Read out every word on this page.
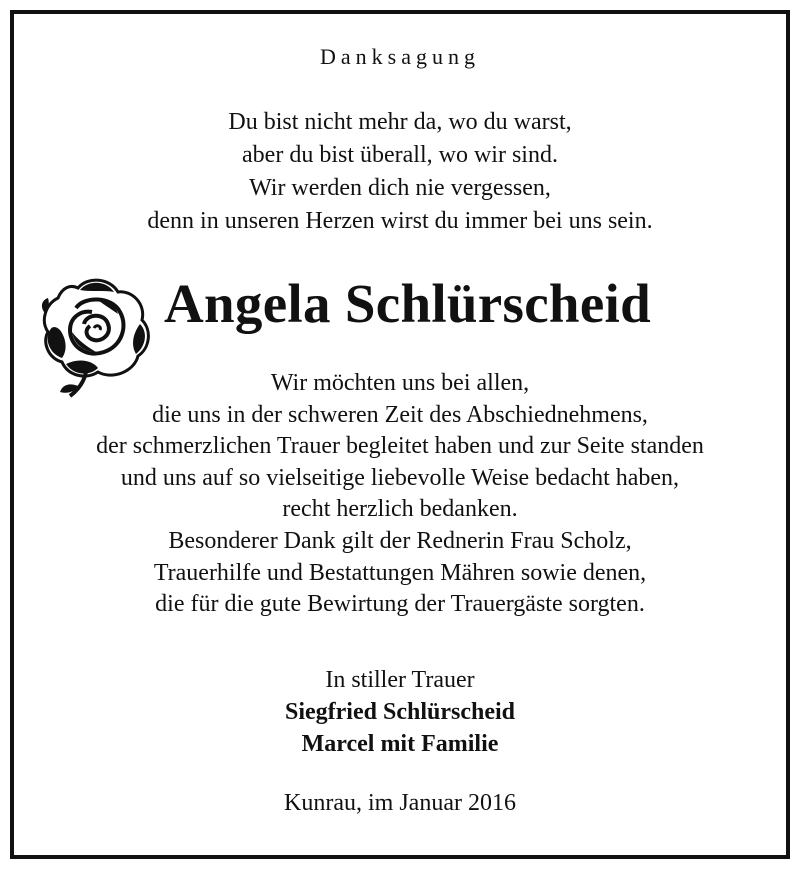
Danksagung
Du bist nicht mehr da, wo du warst,
aber du bist überall, wo wir sind.
Wir werden dich nie vergessen,
denn in unseren Herzen wirst du immer bei uns sein.
Angela Schlürscheid
Wir möchten uns bei allen,
die uns in der schweren Zeit des Abschiednehmens,
der schmerzlichen Trauer begleitet haben und zur Seite standen
und uns auf so vielseitige liebevolle Weise bedacht haben,
recht herzlich bedanken.
Besonderer Dank gilt der Rednerin Frau Scholz,
Trauerhilfe und Bestattungen Mähren sowie denen,
die für die gute Bewirtung der Trauergäste sorgten.
In stiller Trauer
Siegfried Schlürscheid
Marcel mit Familie
Kunrau, im Januar 2016
